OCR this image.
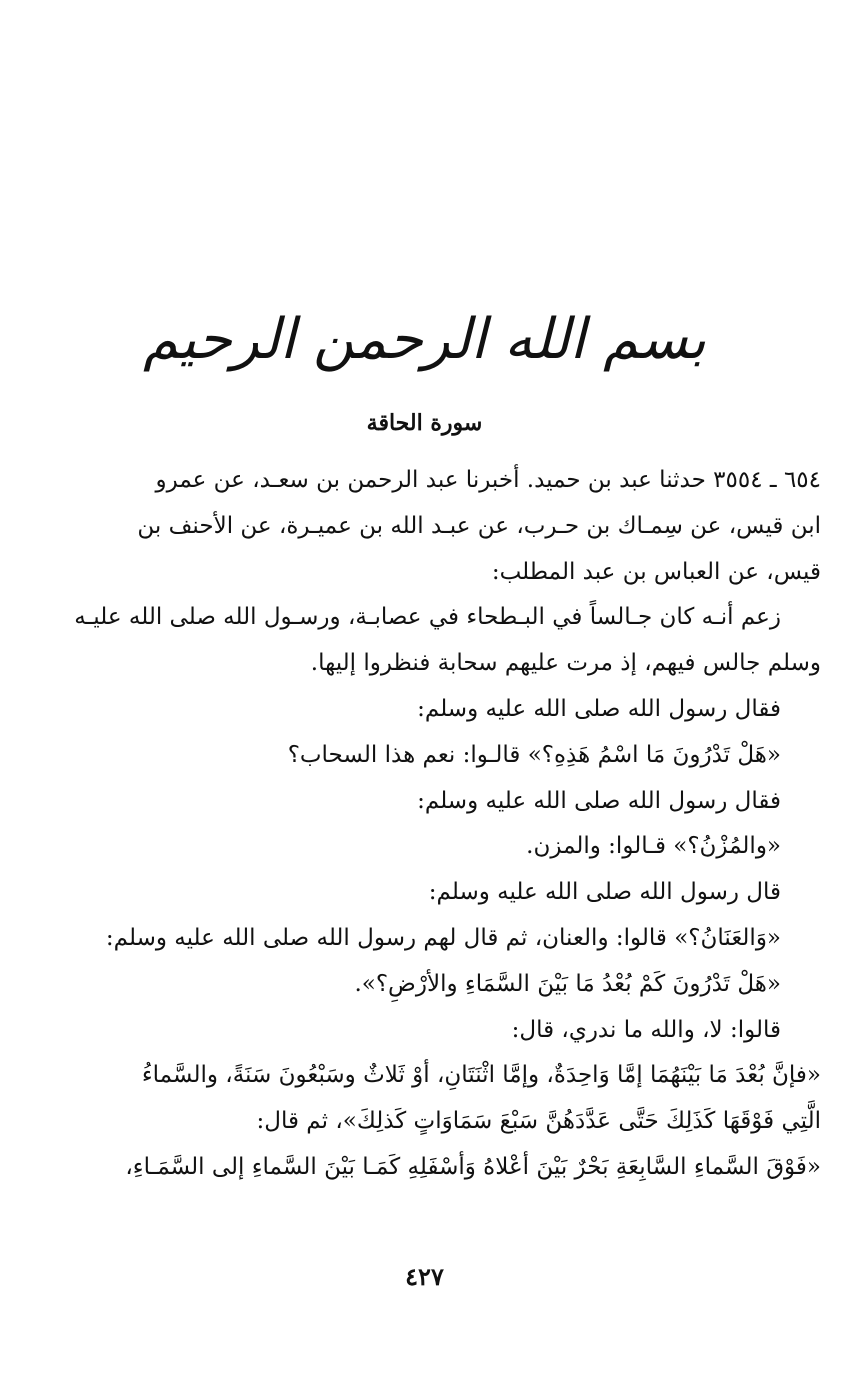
بسم الله الرحمن الرحيم
سورة الحاقة
٦٥٤ ـ ٣٥٥٤ حدثنا عبد بن حميد. أخبرنا عبد الرحمن بن سعـد، عن عمرو
ابن قيس، عن سِمـاك بن حـرب، عن عبـد الله بن عميـرة، عن الأحنف بن
قيس، عن العباس بن عبد المطلب:
زعم أنـه كان جـالساً في البـطحاء في عصابـة، ورسـول الله صلى الله عليـه
وسلم جالس فيهم، إذ مرت عليهم سحابة فنظروا إليها.
فقال رسول الله صلى الله عليه وسلم:
«هَلْ تَدْرُونَ مَا اسْمُ هَذِهِ؟» قالـوا: نعم هذا السحاب؟
فقال رسول الله صلى الله عليه وسلم:
«والمُزْنُ؟» قـالوا: والمزن.
قال رسول الله صلى الله عليه وسلم:
«وَالعَنَانُ؟» قالوا: والعنان، ثم قال لهم رسول الله صلى الله عليه وسلم:
«هَلْ تَدْرُونَ كَمْ بُعْدُ مَا بَيْنَ السَّمَاءِ والأرْضِ؟».
قالوا: لا، والله ما ندري، قال:
«فإنَّ بُعْدَ مَا بَيْنَهُمَا إمَّا وَاحِدَةٌ، وإمَّا اثْنَتَانِ، أوْ ثَلاثٌ وسَبْعُونَ سَنَةً، والسَّماءُ
الَّتِي فَوْقَهَا كَذَلِكَ حَتَّى عَدَّدَهُنَّ سَبْعَ سَمَاوَاتٍ كَذلِكَ»، ثم قال:
«فَوْقَ السَّماءِ السَّابِعَةِ بَحْرٌ بَيْنَ أعْلاهُ وَأسْفَلِهِ كَمَـا بَيْنَ السَّماءِ إلى السَّمَـاءِ،
٤٢٧
